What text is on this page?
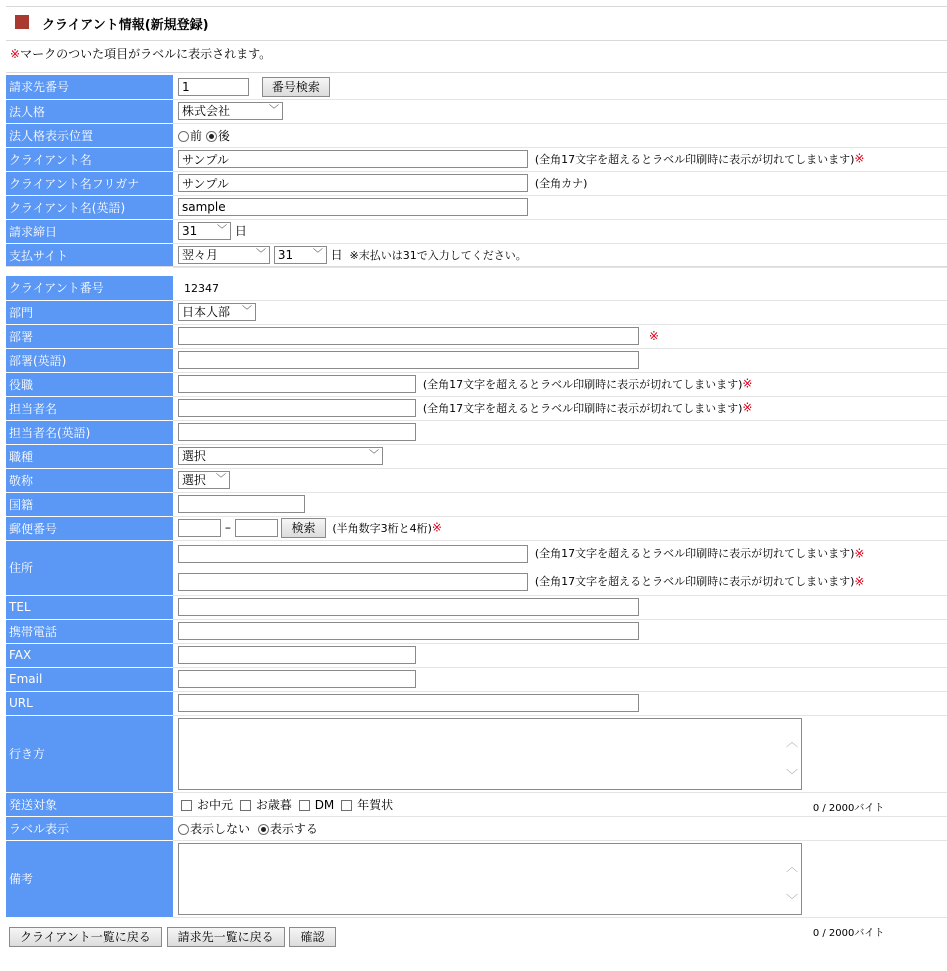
クライアント情報(新規登録)
※マークのついた項目がラベルに表示されます。
請求先番号	1番号検索
法人格	株式会社 ﹀

法人格表示位置	前 後
クライアント名	サンプル(全角17文字を超えるとラベル印刷時に表示が切れてしまいます)※
クライアント名フリガナ	サンプル(全角カナ)
クライアント名(英語)	sample
請求締日	31 ﹀ 日
支払サイト	翌々月 ﹀ 31 ﹀ 日 ※末払いは31で入力してください。
クライアント番号	12347
部門	日本人部 ﹀

部署	※
部署(英語)	
役職	(全角17文字を超えるとラベル印刷時に表示が切れてしまいます)※
担当者名	(全角17文字を超えるとラベル印刷時に表示が切れてしまいます)※
担当者名(英語)	
職種	選択 ﹀

敬称	選択 ﹀

国籍	
郵便番号	– 検索 (半角数字3桁と4桁)※
住所	(全角17文字を超えるとラベル印刷時に表示が切れてしまいます)※
(全角17文字を超えるとラベル印刷時に表示が切れてしまいます)※

TEL	
携帯電話	
FAX	
Email	
URL	
行き方	︿
﹀
0 / 2000バイト
発送対象	お中元 お歳暮 DM 年賀状
ラベル表示	表示しない 表示する
備考	︿
﹀
0 / 2000バイト
クライアント一覧に戻る 請求先一覧に戻る 確認
